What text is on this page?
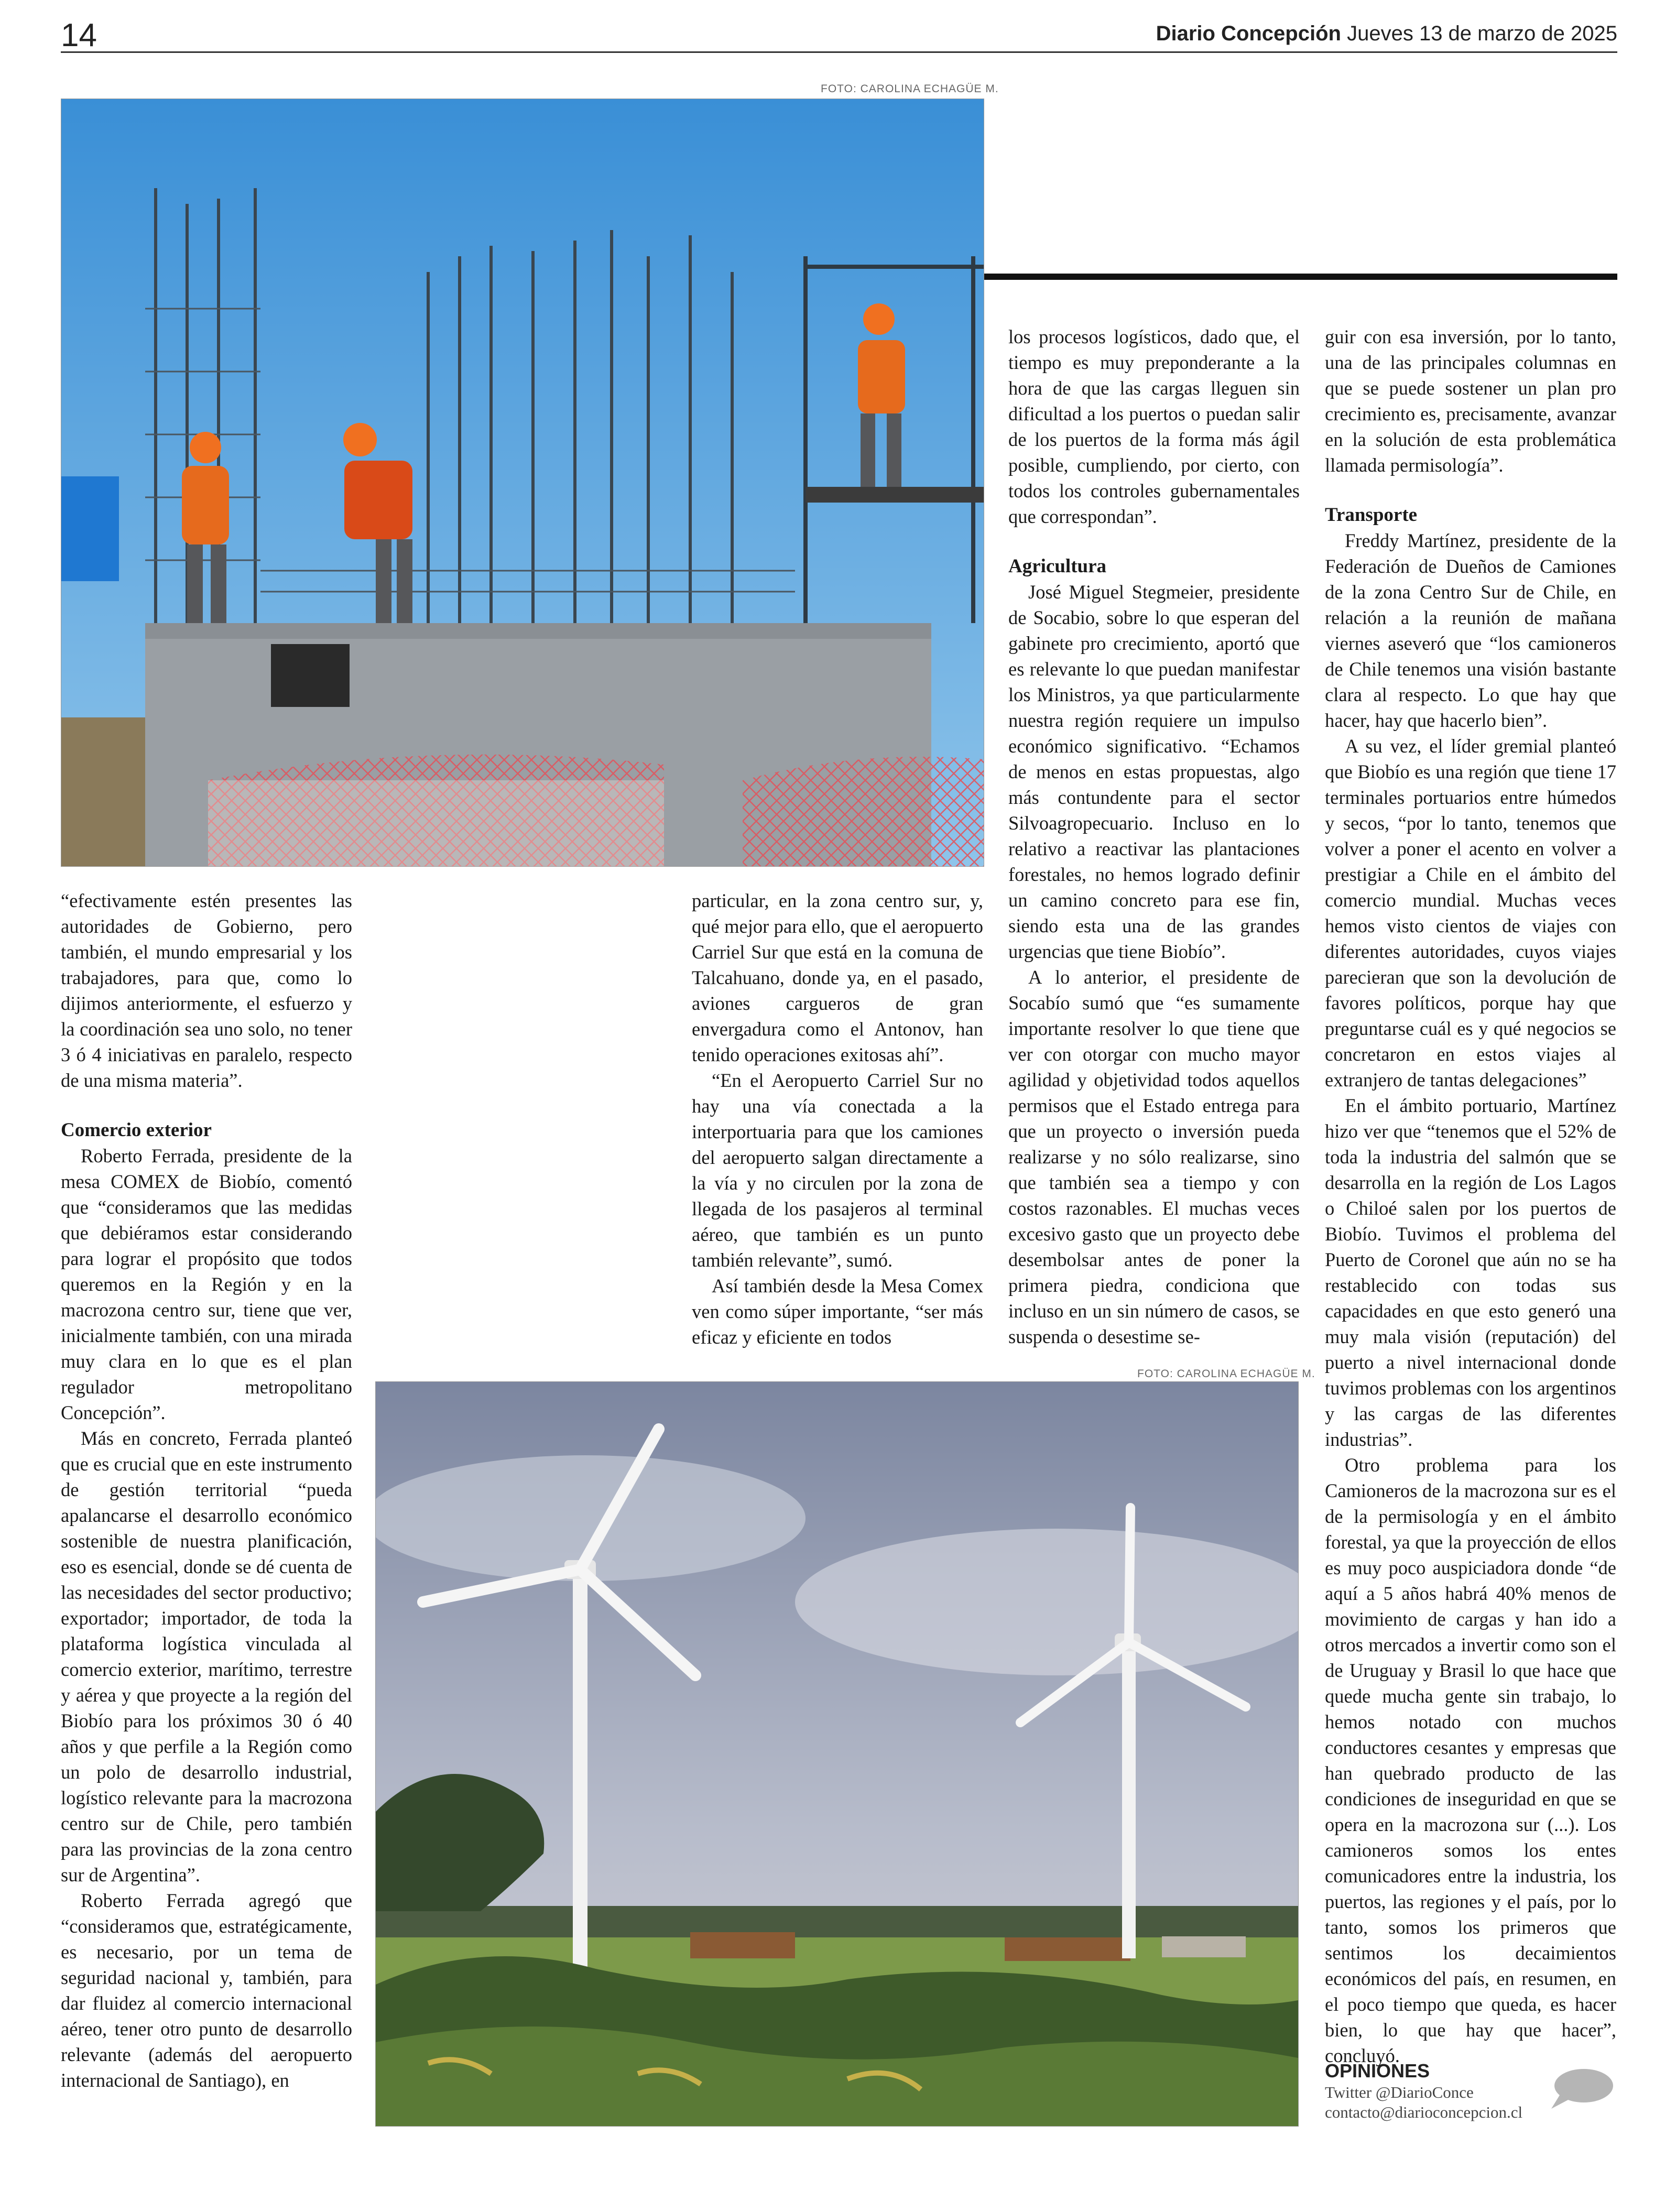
14	Diario Concepción Jueves 13 de marzo de 2025
FOTO: CAROLINA ECHAGÜE M.

“efectivamente estén presentes las autoridades de Gobierno, pero también, el mundo empresarial y los trabajadores, para que, como lo dijimos anteriormente, el esfuerzo y la coordinación sea uno solo, no tener 3 ó 4 iniciativas en paralelo, respecto de una misma materia”.

Comercio exterior

Roberto Ferrada, presidente de la mesa COMEX de Biobío, comentó que “consideramos que las medidas que debiéramos estar considerando para lograr el propósito que todos queremos en la Región y en la macrozona centro sur, tiene que ver, inicialmente también, con una mirada muy clara en lo que es el plan regulador metropolitano Concepción”.

Más en concreto, Ferrada planteó que es crucial que en este instrumento de gestión territorial “pueda apalancarse el desarrollo económico sostenible de nuestra planificación, eso es esencial, donde se dé cuenta de las necesidades del sector productivo; exportador; importador, de toda la plataforma logística vinculada al comercio exterior, marítimo, terrestre y aérea y que proyecte a la región del Biobío para los próximos 30 ó 40 años y que perfile a la Región como un polo de desarrollo industrial, logístico relevante para la macrozona centro sur de Chile, pero también para las provincias de la zona centro sur de Argentina”.

Roberto Ferrada agregó que “consideramos que, estratégicamente, es necesario, por un tema de seguridad nacional y, también, para dar fluidez al comercio internacional aéreo, tener otro punto de desarrollo relevante (además del aeropuerto internacional de Santiago), en

particular, en la zona centro sur, y, qué mejor para ello, que el aeropuerto Carriel Sur que está en la comuna de Talcahuano, donde ya, en el pasado, aviones cargueros de gran envergadura como el Antonov, han tenido operaciones exitosas ahí”.

“En el Aeropuerto Carriel Sur no hay una vía conectada a la interportuaria para que los camiones del aeropuerto salgan directamente a la vía y no circulen por la zona de llegada de los pasajeros al terminal aéreo, que también es un punto también relevante”, sumó.

Así también desde la Mesa Comex ven como súper importante, “ser más eficaz y eficiente en todos

los procesos logísticos, dado que, el tiempo es muy preponderante a la hora de que las cargas lleguen sin dificultad a los puertos o puedan salir de los puertos de la forma más ágil posible, cumpliendo, por cierto, con todos los controles gubernamentales que correspondan”.

Agricultura

José Miguel Stegmeier, presidente de Socabio, sobre lo que esperan del gabinete pro crecimiento, aportó que es relevante lo que puedan manifestar los Ministros, ya que particularmente nuestra región requiere un impulso económico significativo. “Echamos de menos en estas propuestas, algo más contundente para el sector Silvoagropecuario. Incluso en lo relativo a reactivar las plantaciones forestales, no hemos logrado definir un camino concreto para ese fin, siendo esta una de las grandes urgencias que tiene Biobío”.

A lo anterior, el presidente de Socabío sumó que “es sumamente importante resolver lo que tiene que ver con otorgar con mucho mayor agilidad y objetividad todos aquellos permisos que el Estado entrega para que un proyecto o inversión pueda realizarse y no sólo realizarse, sino que también sea a tiempo y con costos razonables. El muchas veces excesivo gasto que un proyecto debe desembolsar antes de poner la primera piedra, condiciona que incluso en un sin número de casos, se suspenda o desestime se-

guir con esa inversión, por lo tanto, una de las principales columnas en que se puede sostener un plan pro crecimiento es, precisamente, avanzar en la solución de esta problemática llamada permisología”.

Transporte

Freddy Martínez, presidente de la Federación de Dueños de Camiones de la zona Centro Sur de Chile, en relación a la reunión de mañana viernes aseveró que “los camioneros de Chile tenemos una visión bastante clara al respecto. Lo que hay que hacer, hay que hacerlo bien”.

A su vez, el líder gremial planteó que Biobío es una región que tiene 17 terminales portuarios entre húmedos y secos, “por lo tanto, tenemos que volver a poner el acento en volver a prestigiar a Chile en el ámbito del comercio mundial. Muchas veces hemos visto cientos de viajes con diferentes autoridades, cuyos viajes parecieran que son la devolución de favores políticos, porque hay que preguntarse cuál es y qué negocios se concretaron en estos viajes al extranjero de tantas delegaciones”

En el ámbito portuario, Martínez hizo ver que “tenemos que el 52% de toda la industria del salmón que se desarrolla en la región de Los Lagos o Chiloé salen por los puertos de Biobío. Tuvimos el problema del Puerto de Coronel que aún no se ha restablecido con todas sus capacidades en que esto generó una muy mala visión (reputación) del puerto a nivel internacional donde tuvimos problemas con los argentinos y las cargas de las diferentes industrias”.

Otro problema para los Camioneros de la macrozona sur es el de la permisología y en el ámbito forestal, ya que la proyección de ellos es muy poco auspiciadora donde “de aquí a 5 años habrá 40% menos de movimiento de cargas y han ido a otros mercados a invertir como son el de Uruguay y Brasil lo que hace que quede mucha gente sin trabajo, lo hemos notado con muchos conductores cesantes y empresas que han quebrado producto de las condiciones de inseguridad en que se opera en la macrozona sur (...). Los camioneros somos los entes comunicadores entre la industria, los puertos, las regiones y el país, por lo tanto, somos los primeros que sentimos los decaimientos económicos del país, en resumen, en el poco tiempo que queda, es hacer bien, lo que hay que hacer”, concluyó.

FOTO: CAROLINA ECHAGÜE M.
OPINIONES
Twitter @DiarioConce
contacto@diarioconcepcion.cl
